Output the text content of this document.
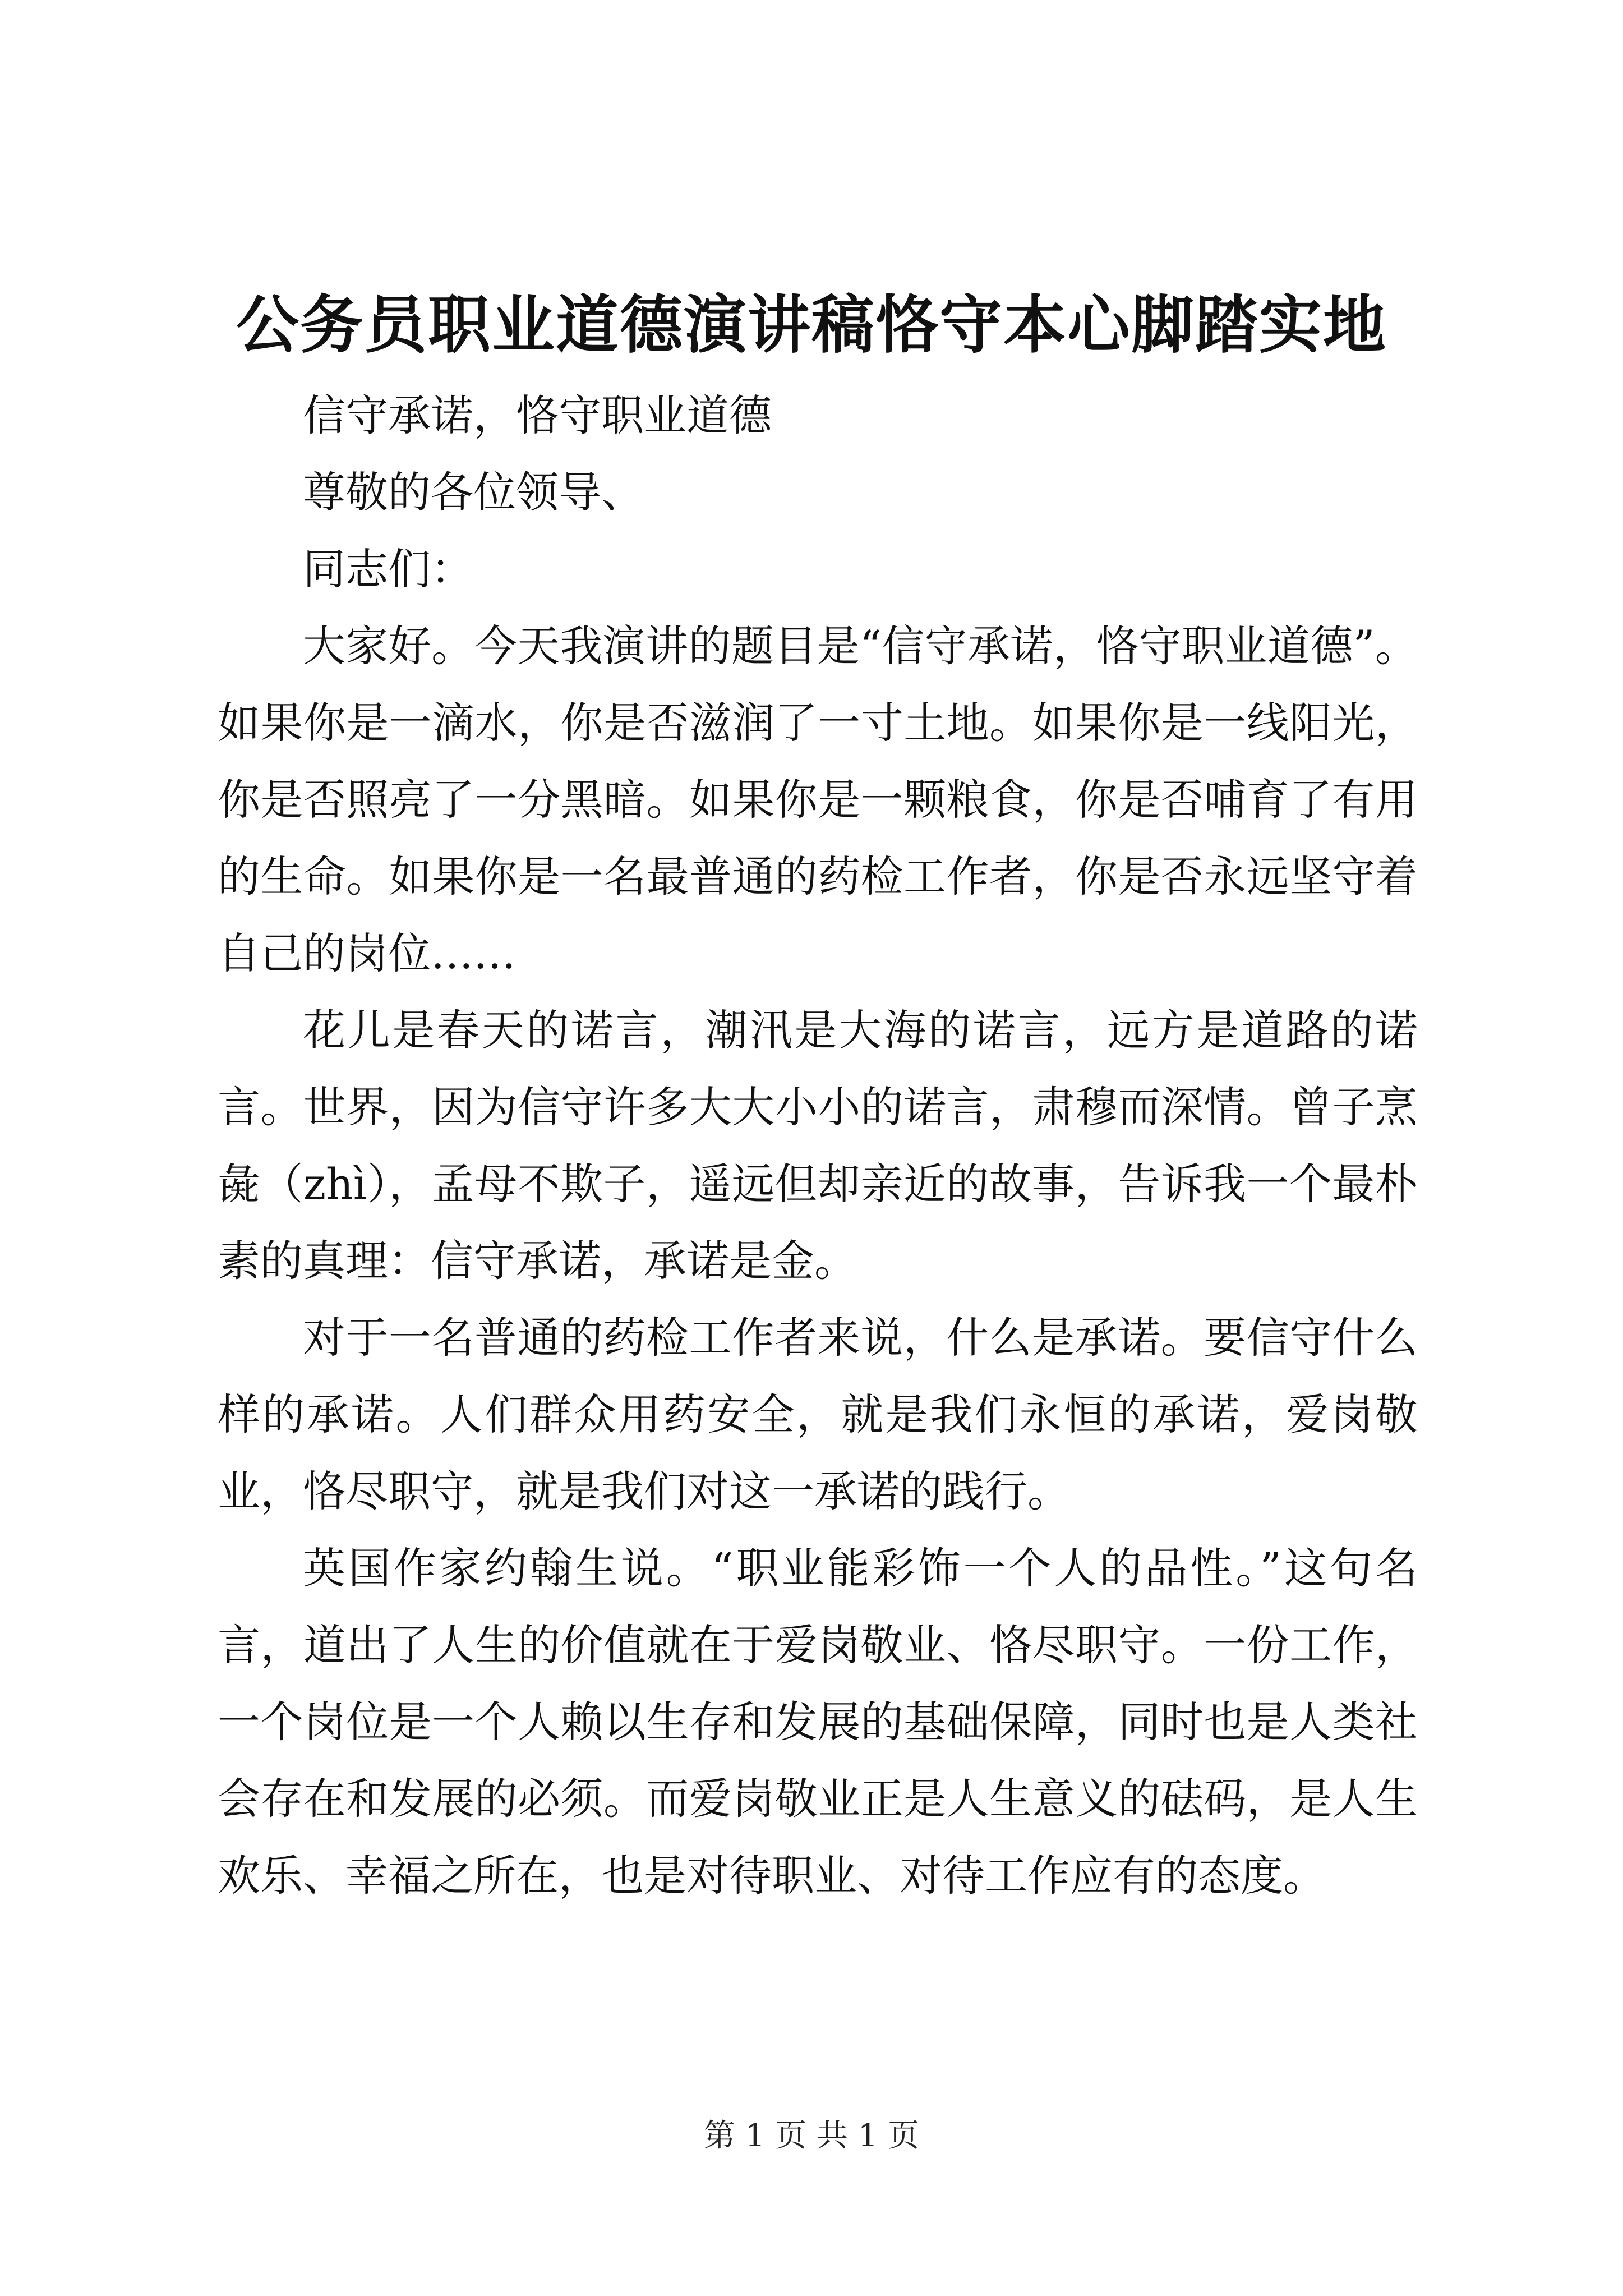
公务员职业道德演讲稿恪守本心脚踏实地

信守承诺，恪守职业道德

尊敬的各位领导、

同志们：

大家好。今天我演讲的题目是“信守承诺，恪守职业道德”。如果你是一滴水，你是否滋润了一寸土地。如果你是一线阳光，你是否照亮了一分黑暗。如果你是一颗粮食，你是否哺育了有用的生命。如果你是一名最普通的药检工作者，你是否永远坚守着自己的岗位……

花儿是春天的诺言，潮汛是大海的诺言，远方是道路的诺言。世界，因为信守许多大大小小的诺言，肃穆而深情。曾子烹彘（zhì），孟母不欺子，遥远但却亲近的故事，告诉我一个最朴素的真理：信守承诺，承诺是金。

对于一名普通的药检工作者来说，什么是承诺。要信守什么样的承诺。人们群众用药安全，就是我们永恒的承诺，爱岗敬业，恪尽职守，就是我们对这一承诺的践行。

英国作家约翰生说。“职业能彩饰一个人的品性。”这句名言，道出了人生的价值就在于爱岗敬业、恪尽职守。一份工作，一个岗位是一个人赖以生存和发展的基础保障，同时也是人类社会存在和发展的必须。而爱岗敬业正是人生意义的砝码，是人生欢乐、幸福之所在，也是对待职业、对待工作应有的态度。

第 1 页 共 1 页
